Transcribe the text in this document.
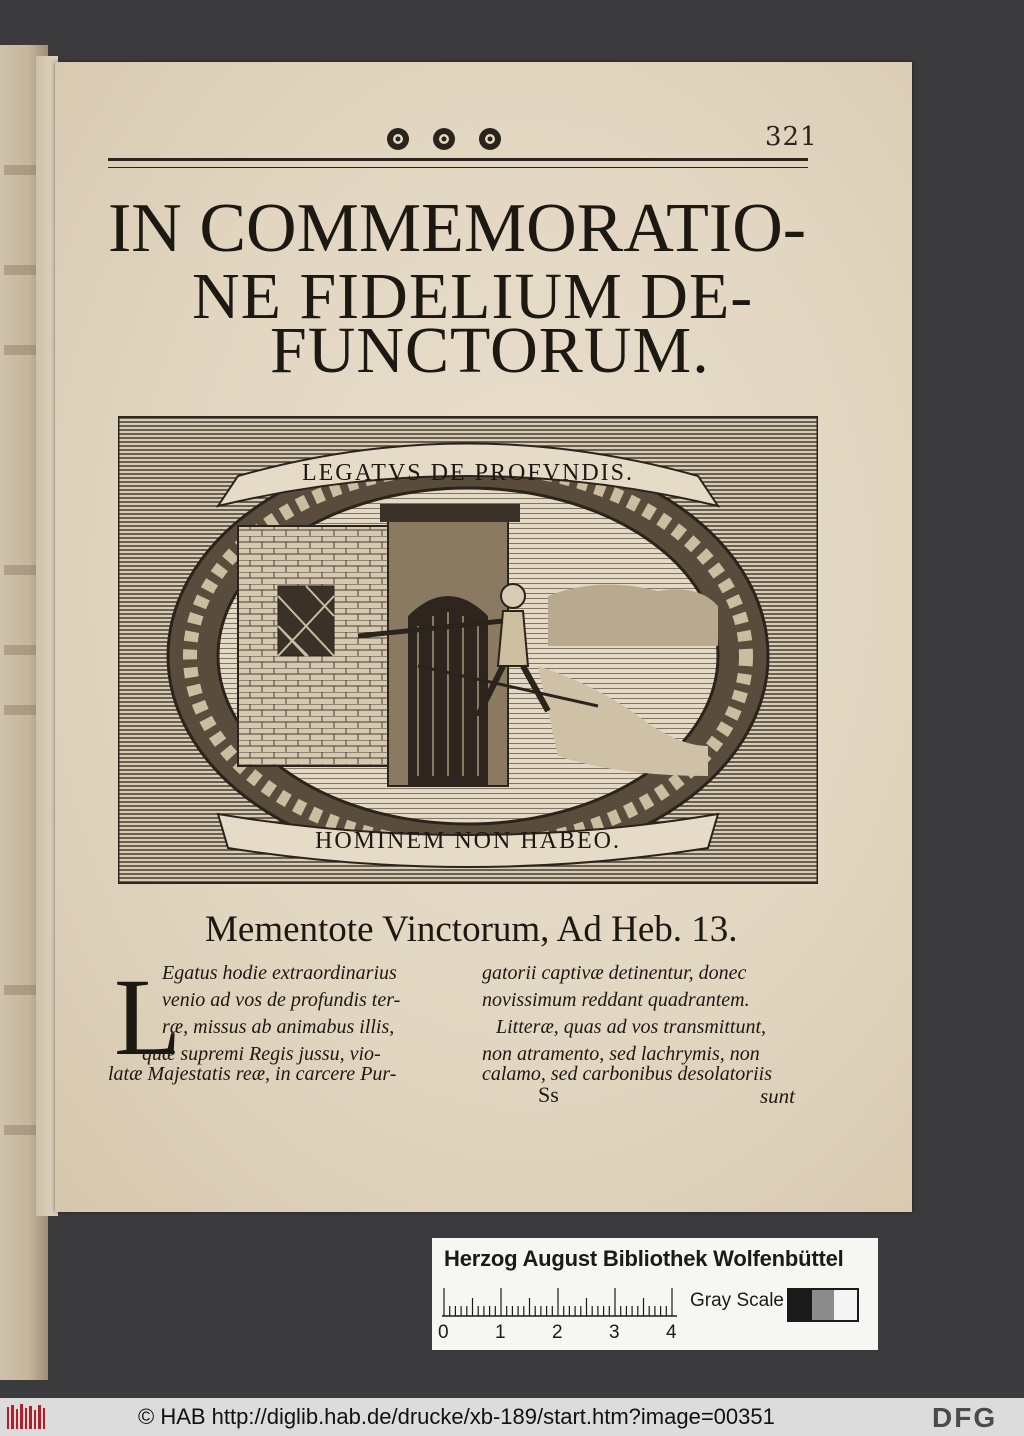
321
IN COMMEMORATIO-
NE FIDELIUM DE-
FUNCTORUM.
LEGATVS DE PROFVNDIS.
HOMINEM NON HABEO.
Mementote Vinctorum, Ad Heb. 13.
L
Egatus hodie extraordinarius
venio ad vos de profundis ter-
ræ, missus ab animabus illis,
quæ supremi Regis jussu, vio-
latæ Majestatis reæ, in carcere Pur-
gatorii captivæ detinentur, donec
novissimum reddant quadrantem.
Litteræ, quas ad vos transmittunt,
non atramento, sed lachrymis, non
calamo, sed carbonibus desolatoriis
Ss	sunt
Herzog August Bibliothek Wolfenbüttel
0 1 2 3 4
Gray Scale
© HAB http://diglib.hab.de/drucke/xb-189/start.htm?image=00351	DFG
